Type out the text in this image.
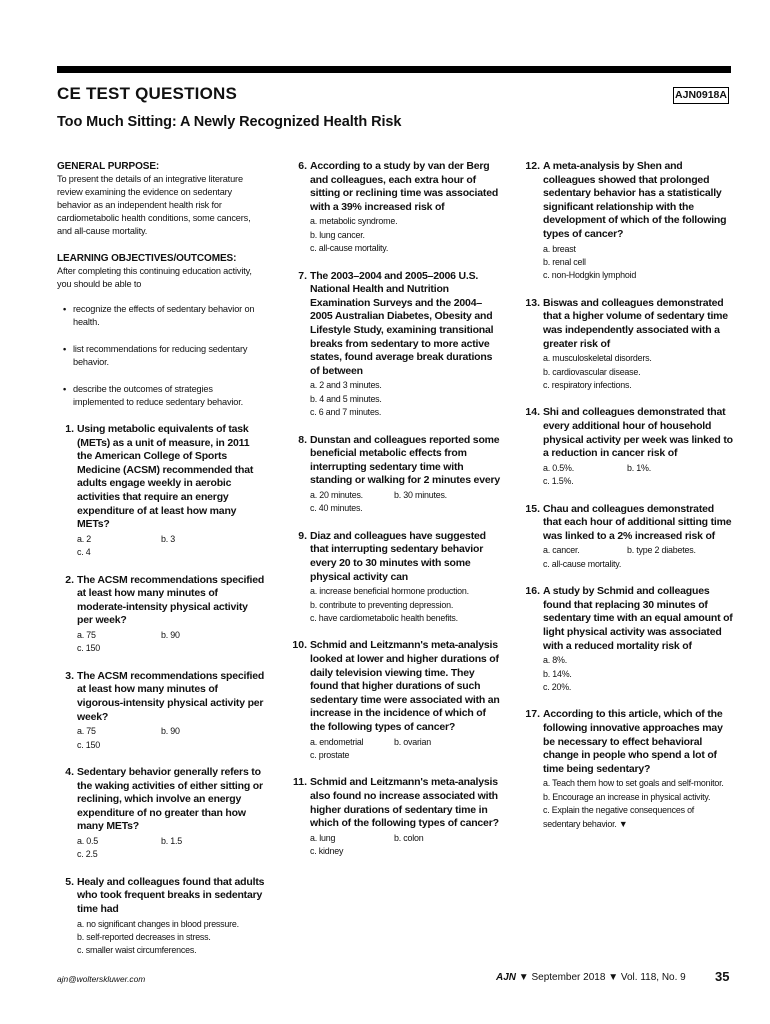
CE TEST QUESTIONS	AJN0918A
Too Much Sitting: A Newly Recognized Health Risk
GENERAL PURPOSE:
To present the details of an integrative literature review examining the evidence on sedentary behavior as an independent health risk for cardiometabolic health conditions, some cancers, and all-cause mortality.
LEARNING OBJECTIVES/OUTCOMES:
After completing this continuing education activity, you should be able to
• recognize the effects of sedentary behavior on health.
• list recommendations for reducing sedentary behavior.
• describe the outcomes of strategies implemented to reduce sedentary behavior.
1. Using metabolic equivalents of task (METs) as a unit of measure, in 2011 the American College of Sports Medicine (ACSM) recommended that adults engage weekly in aerobic activities that require an energy expenditure of at least how many METs?
a. 2	b. 3
c. 4
2. The ACSM recommendations specified at least how many minutes of moderate-intensity physical activity per week?
a. 75	b. 90
c. 150
3. The ACSM recommendations specified at least how many minutes of vigorous-intensity physical activity per week?
a. 75	b. 90
c. 150
4. Sedentary behavior generally refers to the waking activities of either sitting or reclining, which involve an energy expenditure of no greater than how many METs?
a. 0.5	b. 1.5
c. 2.5
5. Healy and colleagues found that adults who took frequent breaks in sedentary time had
a. no significant changes in blood pressure.
b. self-reported decreases in stress.
c. smaller waist circumferences.
6. According to a study by van der Berg and colleagues, each extra hour of sitting or reclining time was associated with a 39% increased risk of
a. metabolic syndrome.
b. lung cancer.
c. all-cause mortality.
7. The 2003–2004 and 2005–2006 U.S. National Health and Nutrition Examination Surveys and the 2004–2005 Australian Diabetes, Obesity and Lifestyle Study, examining transitional breaks from sedentary to more active states, found average break durations of between
a. 2 and 3 minutes.
b. 4 and 5 minutes.
c. 6 and 7 minutes.
8. Dunstan and colleagues reported some beneficial metabolic effects from interrupting sedentary time with standing or walking for 2 minutes every
a. 20 minutes.	b. 30 minutes.
c. 40 minutes.
9. Diaz and colleagues have suggested that interrupting sedentary behavior every 20 to 30 minutes with some physical activity can
a. increase beneficial hormone production.
b. contribute to preventing depression.
c. have cardiometabolic health benefits.
10. Schmid and Leitzmann's meta-analysis looked at lower and higher durations of daily television viewing time. They found that higher durations of such sedentary time were associated with an increase in the incidence of which of the following types of cancer?
a. endometrial	b. ovarian
c. prostate
11. Schmid and Leitzmann's meta-analysis also found no increase associated with higher durations of sedentary time in which of the following types of cancer?
a. lung	b. colon
c. kidney
12. A meta-analysis by Shen and colleagues showed that prolonged sedentary behavior has a statistically significant relationship with the development of which of the following types of cancer?
a. breast
b. renal cell
c. non-Hodgkin lymphoid
13. Biswas and colleagues demonstrated that a higher volume of sedentary time was independently associated with a greater risk of
a. musculoskeletal disorders.
b. cardiovascular disease.
c. respiratory infections.
14. Shi and colleagues demonstrated that every additional hour of household physical activity per week was linked to a reduction in cancer risk of
a. 0.5%.	b. 1%.
c. 1.5%.
15. Chau and colleagues demonstrated that each hour of additional sitting time was linked to a 2% increased risk of
a. cancer.	b. type 2 diabetes.
c. all-cause mortality.
16. A study by Schmid and colleagues found that replacing 30 minutes of sedentary time with an equal amount of light physical activity was associated with a reduced mortality risk of
a. 8%.
b. 14%.
c. 20%.
17. According to this article, which of the following innovative approaches may be necessary to effect behavioral change in people who spend a lot of time being sedentary?
a. Teach them how to set goals and self-monitor.
b. Encourage an increase in physical activity.
c. Explain the negative consequences of sedentary behavior. ▼
ajn@wolterskluwer.com	AJN ▼ September 2018 ▼ Vol. 118, No. 9 35
